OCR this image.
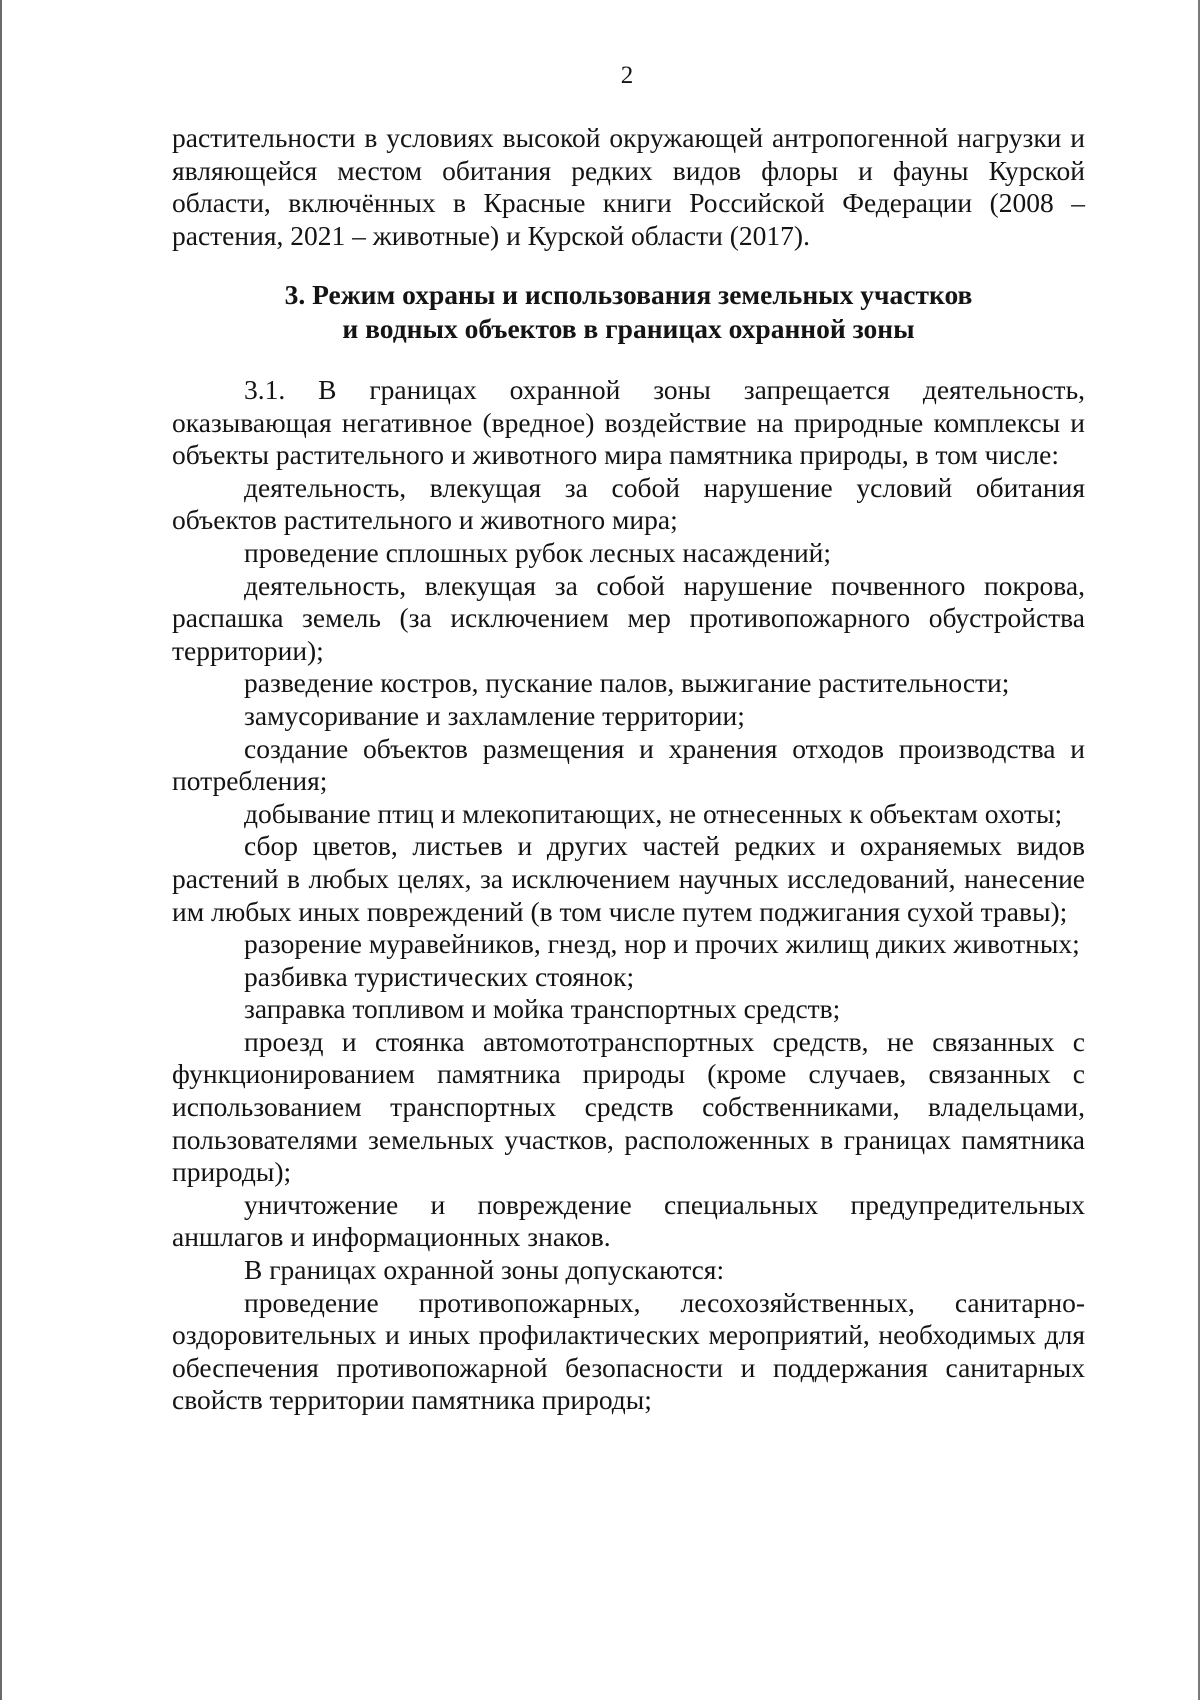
2

растительности в условиях высокой окружающей антропогенной нагрузки и являющейся местом обитания редких видов флоры и фауны Курской области, включённых в Красные книги Российской Федерации (2008 – растения, 2021 – животные) и Курской области (2017).

3. Режим охраны и использования земельных участков
и водных объектов в границах охранной зоны

3.1. В границах охранной зоны запрещается деятельность, оказывающая негативное (вредное) воздействие на природные комплексы и объекты растительного и животного мира памятника природы, в том числе:

деятельность, влекущая за собой нарушение условий обитания объектов растительного и животного мира;

проведение сплошных рубок лесных насаждений;

деятельность, влекущая за собой нарушение почвенного покрова, распашка земель (за исключением мер противопожарного обустройства территории);

разведение костров, пускание палов, выжигание растительности;

замусоривание и захламление территории;

создание объектов размещения и хранения отходов производства и потребления;

добывание птиц и млекопитающих, не отнесенных к объектам охоты;

сбор цветов, листьев и других частей редких и охраняемых видов растений в любых целях, за исключением научных исследований, нанесение им любых иных повреждений (в том числе путем поджигания сухой травы);

разорение муравейников, гнезд, нор и прочих жилищ диких животных;

разбивка туристических стоянок;

заправка топливом и мойка транспортных средств;

проезд и стоянка автомототранспортных средств, не связанных с функционированием памятника природы (кроме случаев, связанных с использованием транспортных средств собственниками, владельцами, пользователями земельных участков, расположенных в границах памятника природы);

уничтожение и повреждение специальных предупредительных аншлагов и информационных знаков.

В границах охранной зоны допускаются:

проведение противопожарных, лесохозяйственных, санитарно-оздоровительных и иных профилактических мероприятий, необходимых для обеспечения противопожарной безопасности и поддержания санитарных свойств территории памятника природы;
